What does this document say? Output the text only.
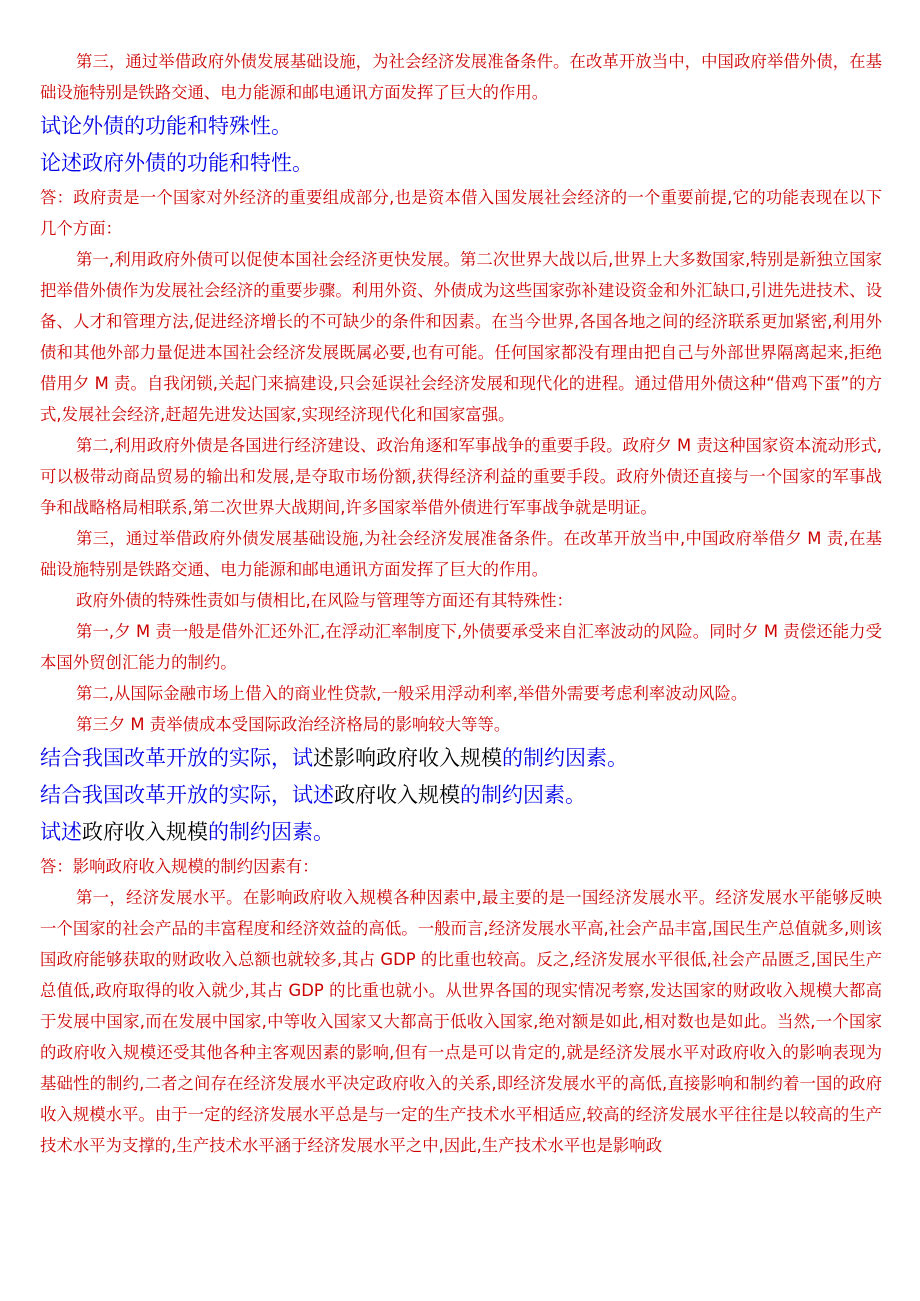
第三，通过举借政府外债发展基础设施，为社会经济发展准备条件。在改革开放当中，中国政府举借外债，在基础设施特别是铁路交通、电力能源和邮电通讯方面发挥了巨大的作用。

试论外债的功能和特殊性。

论述政府外债的功能和特性。

答：政府责是一个国家对外经济的重要组成部分,也是资本借入国发展社会经济的一个重要前提,它的功能表现在以下几个方面：

第一,利用政府外债可以促使本国社会经济更快发展。第二次世界大战以后,世界上大多数国家,特别是新独立国家把举借外债作为发展社会经济的重要步骤。利用外资、外债成为这些国家弥补建设资金和外汇缺口,引进先进技术、设备、人才和管理方法,促进经济增长的不可缺少的条件和因素。在当今世界,各国各地之间的经济联系更加紧密,利用外债和其他外部力量促进本国社会经济发展既属必要,也有可能。任何国家都没有理由把自己与外部世界隔离起来,拒绝借用夕 M 责。自我闭锁,关起门来搞建设,只会延误社会经济发展和现代化的进程。通过借用外债这种“借鸡下蛋”的方式,发展社会经济,赶超先进发达国家,实现经济现代化和国家富强。

第二,利用政府外债是各国进行经济建设、政治角逐和军事战争的重要手段。政府夕 M 责这种国家资本流动形式,可以极带动商品贸易的输出和发展,是夺取市场份额,获得经济利益的重要手段。政府外债还直接与一个国家的军事战争和战略格局相联系,第二次世界大战期间,许多国家举借外债进行军事战争就是明证。

第三，通过举借政府外债发展基础设施,为社会经济发展准备条件。在改革开放当中,中国政府举借夕 M 责,在基础设施特别是铁路交通、电力能源和邮电通讯方面发挥了巨大的作用。

政府外债的特殊性责如与债相比,在风险与管理等方面还有其特殊性：

第一,夕 M 责一般是借外汇还外汇,在浮动汇率制度下,外债要承受来自汇率波动的风险。同时夕 M 责偿还能力受本国外贸创汇能力的制约。

第二,从国际金融市场上借入的商业性贷款,一般采用浮动利率,举借外需要考虑利率波动风险。

第三夕 M 责举债成本受国际政治经济格局的影响较大等等。

结合我国改革开放的实际，试述影响政府收入规模的制约因素。

结合我国改革开放的实际，试述政府收入规模的制约因素。

试述政府收入规模的制约因素。

答：影响政府收入规模的制约因素有：

第一，经济发展水平。在影响政府收入规模各种因素中,最主要的是一国经济发展水平。经济发展水平能够反映一个国家的社会产品的丰富程度和经济效益的高低。一般而言,经济发展水平高,社会产品丰富,国民生产总值就多,则该国政府能够获取的财政收入总额也就较多,其占 GDP 的比重也较高。反之,经济发展水平很低,社会产品匮乏,国民生产总值低,政府取得的收入就少,其占 GDP 的比重也就小。从世界各国的现实情况考察,发达国家的财政收入规模大都高于发展中国家,而在发展中国家,中等收入国家又大都高于低收入国家,绝对额是如此,相对数也是如此。当然,一个国家的政府收入规模还受其他各种主客观因素的影响,但有一点是可以肯定的,就是经济发展水平对政府收入的影响表现为基础性的制约,二者之间存在经济发展水平决定政府收入的关系,即经济发展水平的高低,直接影响和制约着一国的政府收入规模水平。由于一定的经济发展水平总是与一定的生产技术水平相适应,较高的经济发展水平往往是以较高的生产技术水平为支撑的,生产技术水平涵于经济发展水平之中,因此,生产技术水平也是影响政
